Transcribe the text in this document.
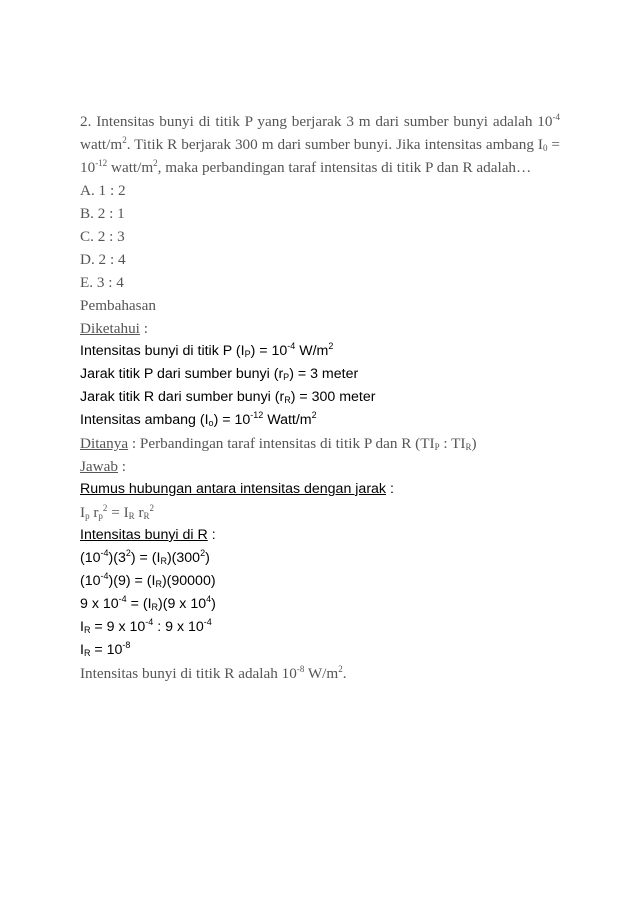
2. Intensitas bunyi di titik P yang berjarak 3 m dari sumber bunyi adalah $10^{-4}$ watt/$m^2$. Titik R berjarak 300 m dari sumber bunyi. Jika intensitas ambang $I_0 = 10^{-12}$ watt/$m^2$, maka perbandingan taraf intensitas di titik P dan R adalah…
A. 1 : 2
B. 2 : 1
C. 2 : 3
D. 2 : 4
E. 3 : 4
Pembahasan
Diketahui :
Intensitas bunyi di titik P $(I_P) = 10^{-4}$ $W/m^2$
Jarak titik P dari sumber bunyi $(r_P) = 3$ meter
Jarak titik R dari sumber bunyi $(r_R) = 300$ meter
Intensitas ambang $(I_o) = 10^{-12}$ Watt/$m^2$
Ditanya : Perbandingan taraf intensitas di titik P dan R ($TI_P$ : $TI_R$)
Jawab :
Rumus hubungan antara intensitas dengan jarak :
$I_p$ $r_p^2 = I_R$ $r_R^2$
Intensitas bunyi di R :
$(10^{-4})(3^2) = (I_R)(300^2)$
$(10^{-4})(9) = (I_R)(90000)$
9 x $10^{-4} = (I_R)(9$ x $10^4$)
$I_R = 9$ x $10^{-4}$ : 9 x $10^{-4}$
$I_R = 10^{-8}$
Intensitas bunyi di titik R adalah $10^{-8}$ $W/m^2$.
